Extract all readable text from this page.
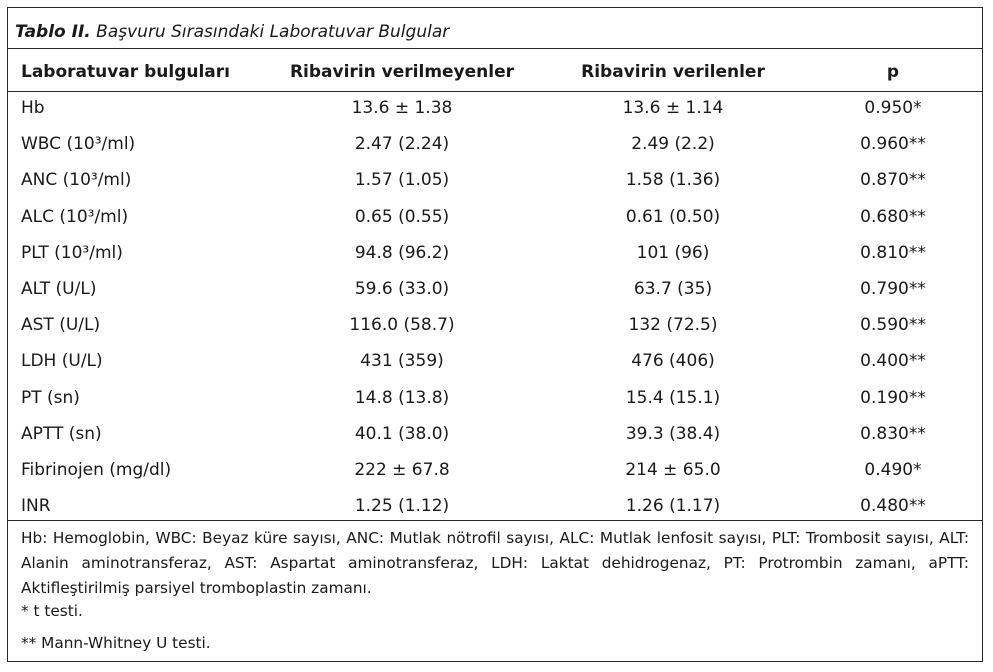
Tablo II. Başvuru Sırasındaki Laboratuvar Bulgular
Laboratuvar bulguları	Ribavirin verilmeyenler	Ribavirin verilenler	p
Hb	13.6 ± 1.38	13.6 ± 1.14	0.950*
WBC (10³/ml)	2.47 (2.24)	2.49 (2.2)	0.960**
ANC (10³/ml)	1.57 (1.05)	1.58 (1.36)	0.870**
ALC (10³/ml)	0.65 (0.55)	0.61 (0.50)	0.680**
PLT (10³/ml)	94.8 (96.2)	101 (96)	0.810**
ALT (U/L)	59.6 (33.0)	63.7 (35)	0.790**
AST (U/L)	116.0 (58.7)	132 (72.5)	0.590**
LDH (U/L)	431 (359)	476 (406)	0.400**
PT (sn)	14.8 (13.8)	15.4 (15.1)	0.190**
APTT (sn)	40.1 (38.0)	39.3 (38.4)	0.830**
Fibrinojen (mg/dl)	222 ± 67.8	214 ± 65.0	0.490*
INR	1.25 (1.12)	1.26 (1.17)	0.480**
Hb: Hemoglobin, WBC: Beyaz küre sayısı, ANC: Mutlak nötrofil sayısı, ALC: Mutlak lenfosit sayısı, PLT: Trombosit sayısı, ALT: Alanin aminotransferaz, AST: Aspartat aminotransferaz, LDH: Laktat dehidrogenaz, PT: Protrombin zamanı, aPTT: Aktifleştirilmiş parsiyel tromboplastin zamanı.
* t testi.
** Mann-Whitney U testi.
